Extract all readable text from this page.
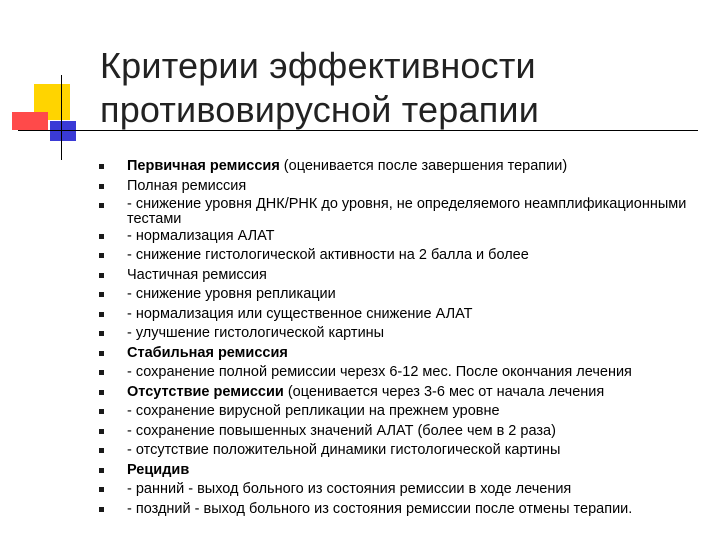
Критерии эффективности
противовирусной терапии
Первичная ремиссия (оценивается после завершения терапии)
Полная ремиссия
- снижение уровня ДНК/РНК до уровня, не определяемого неамплификационными тестами
- нормализация АЛАТ
- снижение гистологической активности на 2 балла и более
Частичная ремиссия
- снижение уровня репликации
- нормализация или существенное снижение АЛАТ
- улучшение гистологической картины
Стабильная ремиссия
- сохранение полной ремиссии черезх 6-12 мес. После окончания лечения
Отсутствие ремиссии (оценивается через 3-6 мес от начала лечения
- сохранение вирусной репликации на прежнем уровне
- сохранение повышенных значений АЛАТ (более чем в 2 раза)
- отсутствие положительной динамики гистологической картины
Рецидив
- ранний - выход больного из состояния ремиссии в ходе лечения
- поздний - выход больного из состояния ремиссии после отмены терапии.
